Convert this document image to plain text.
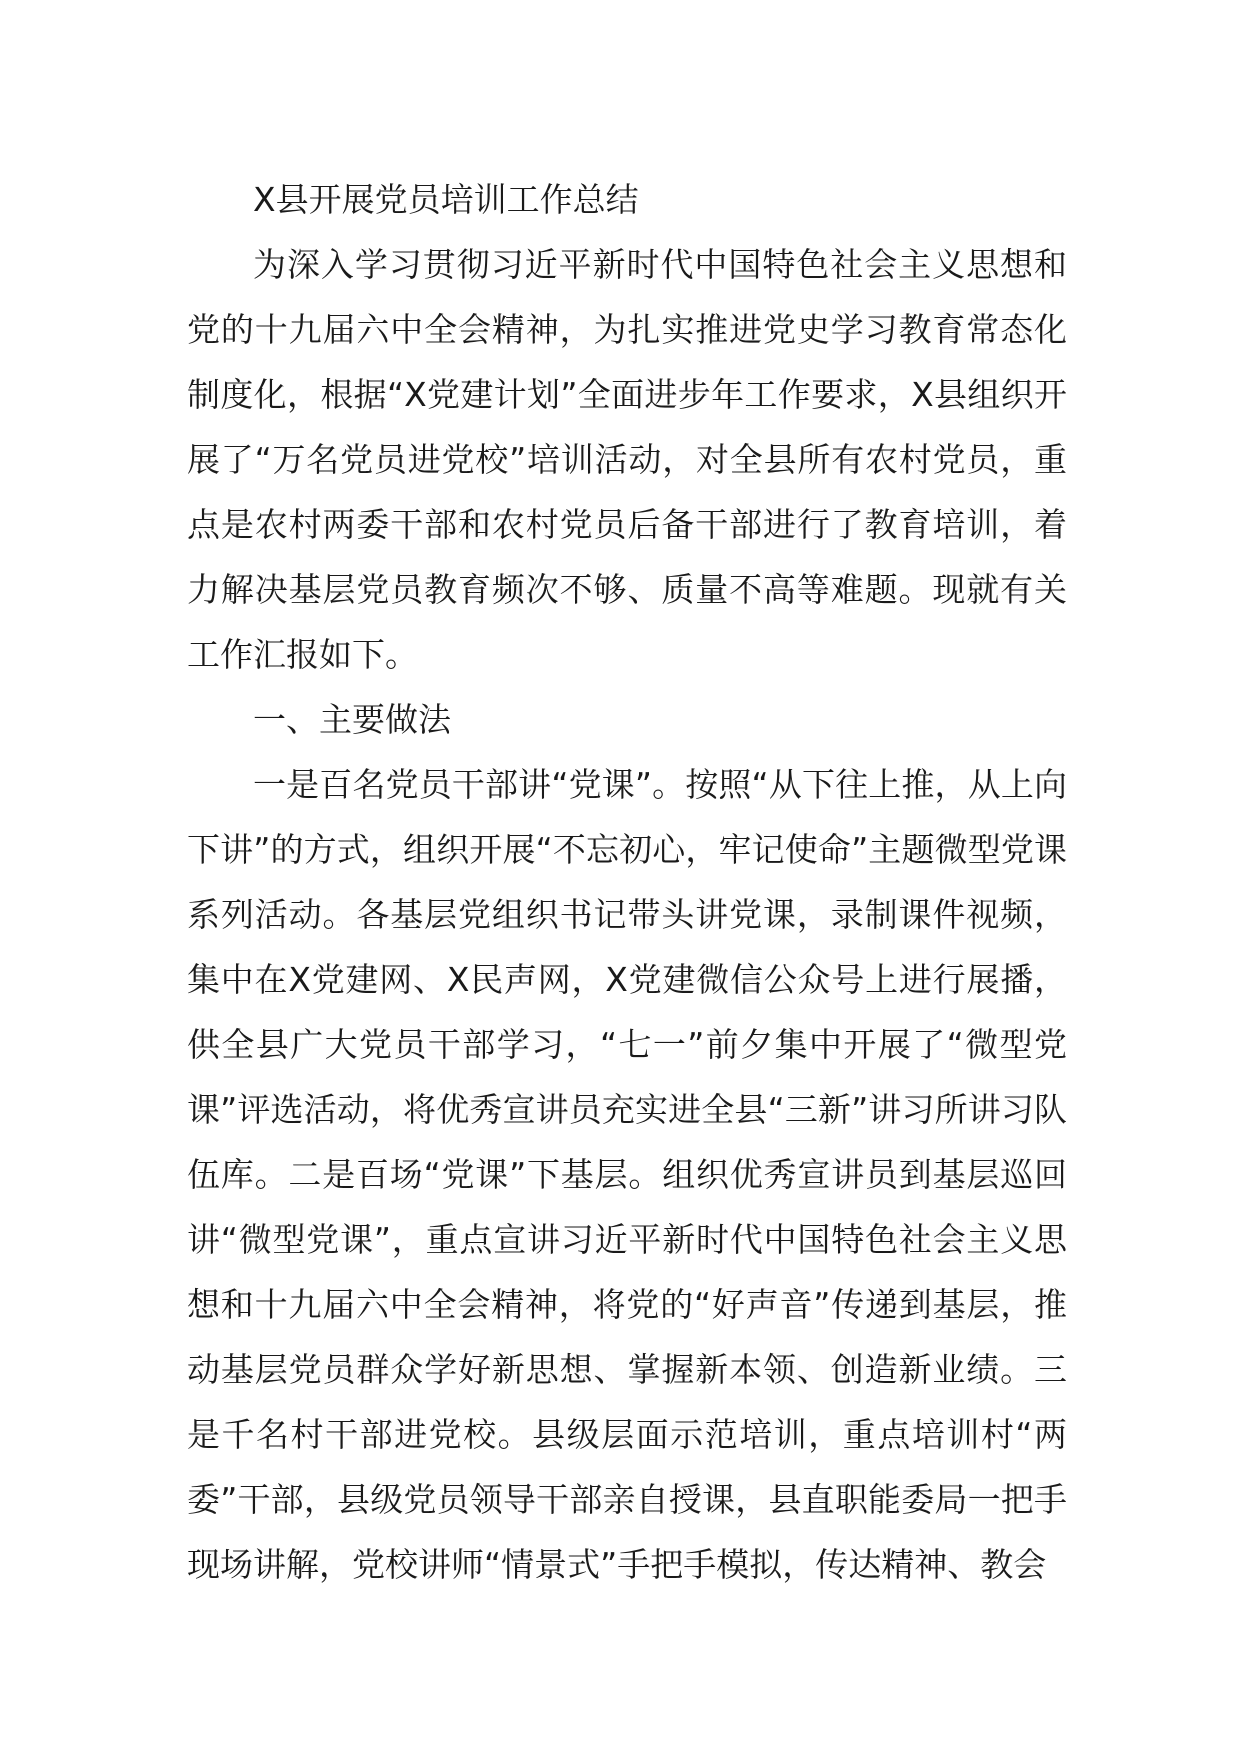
X县开展党员培训工作总结

为深入学习贯彻习近平新时代中国特色社会主义思想和党的十九届六中全会精神，为扎实推进党史学习教育常态化制度化，根据“X党建计划”全面进步年工作要求，X县组织开展了“万名党员进党校”培训活动，对全县所有农村党员，重点是农村两委干部和农村党员后备干部进行了教育培训，着力解决基层党员教育频次不够、质量不高等难题。现就有关工作汇报如下。

一、主要做法

一是百名党员干部讲“党课”。按照“从下往上推，从上向下讲”的方式，组织开展“不忘初心，牢记使命”主题微型党课系列活动。各基层党组织书记带头讲党课，录制课件视频，集中在X党建网、X民声网，X党建微信公众号上进行展播，供全县广大党员干部学习，“七一”前夕集中开展了“微型党课”评选活动，将优秀宣讲员充实进全县“三新”讲习所讲习队伍库。二是百场“党课”下基层。组织优秀宣讲员到基层巡回讲“微型党课”，重点宣讲习近平新时代中国特色社会主义思想和十九届六中全会精神，将党的“好声音”传递到基层，推动基层党员群众学好新思想、掌握新本领、创造新业绩。三是千名村干部进党校。县级层面示范培训，重点培训村“两委”干部，县级党员领导干部亲自授课，县直职能委局一把手现场讲解，党校讲师“情景式”手把手模拟，传达精神、教会
